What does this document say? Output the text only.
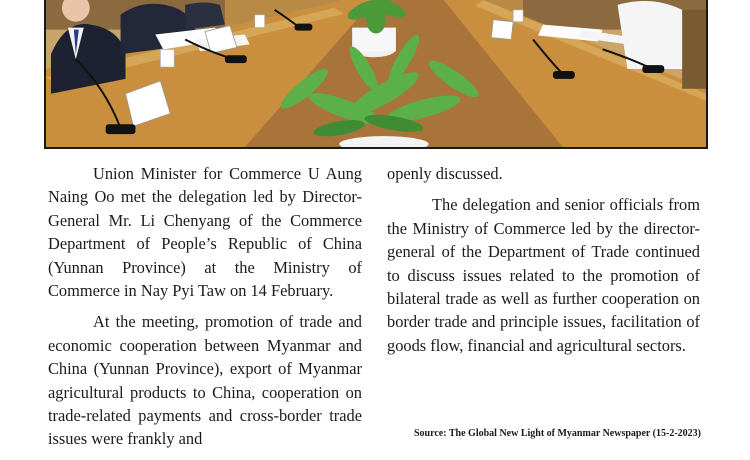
Union Minister for Commerce U Aung Naing Oo met the delegation led by Director-General Mr. Li Chenyang of the Commerce Department of People’s Republic of China (Yunnan Province) at the Ministry of Commerce in Nay Pyi Taw on 14 February.

At the meeting, promotion of trade and economic cooperation between Myanmar and China (Yunnan Province), export of Myanmar agricultural products to China, cooperation on trade-related payments and cross-border trade issues were frankly and

openly discussed.

The delegation and senior officials from the Ministry of Commerce led by the director-general of the Department of Trade continued to discuss issues related to the promotion of bilateral trade as well as further cooperation on border trade and principle issues, facilitation of goods flow, financial and agricultural sectors.

Source: The Global New Light of Myanmar Newspaper (15-2-2023)
